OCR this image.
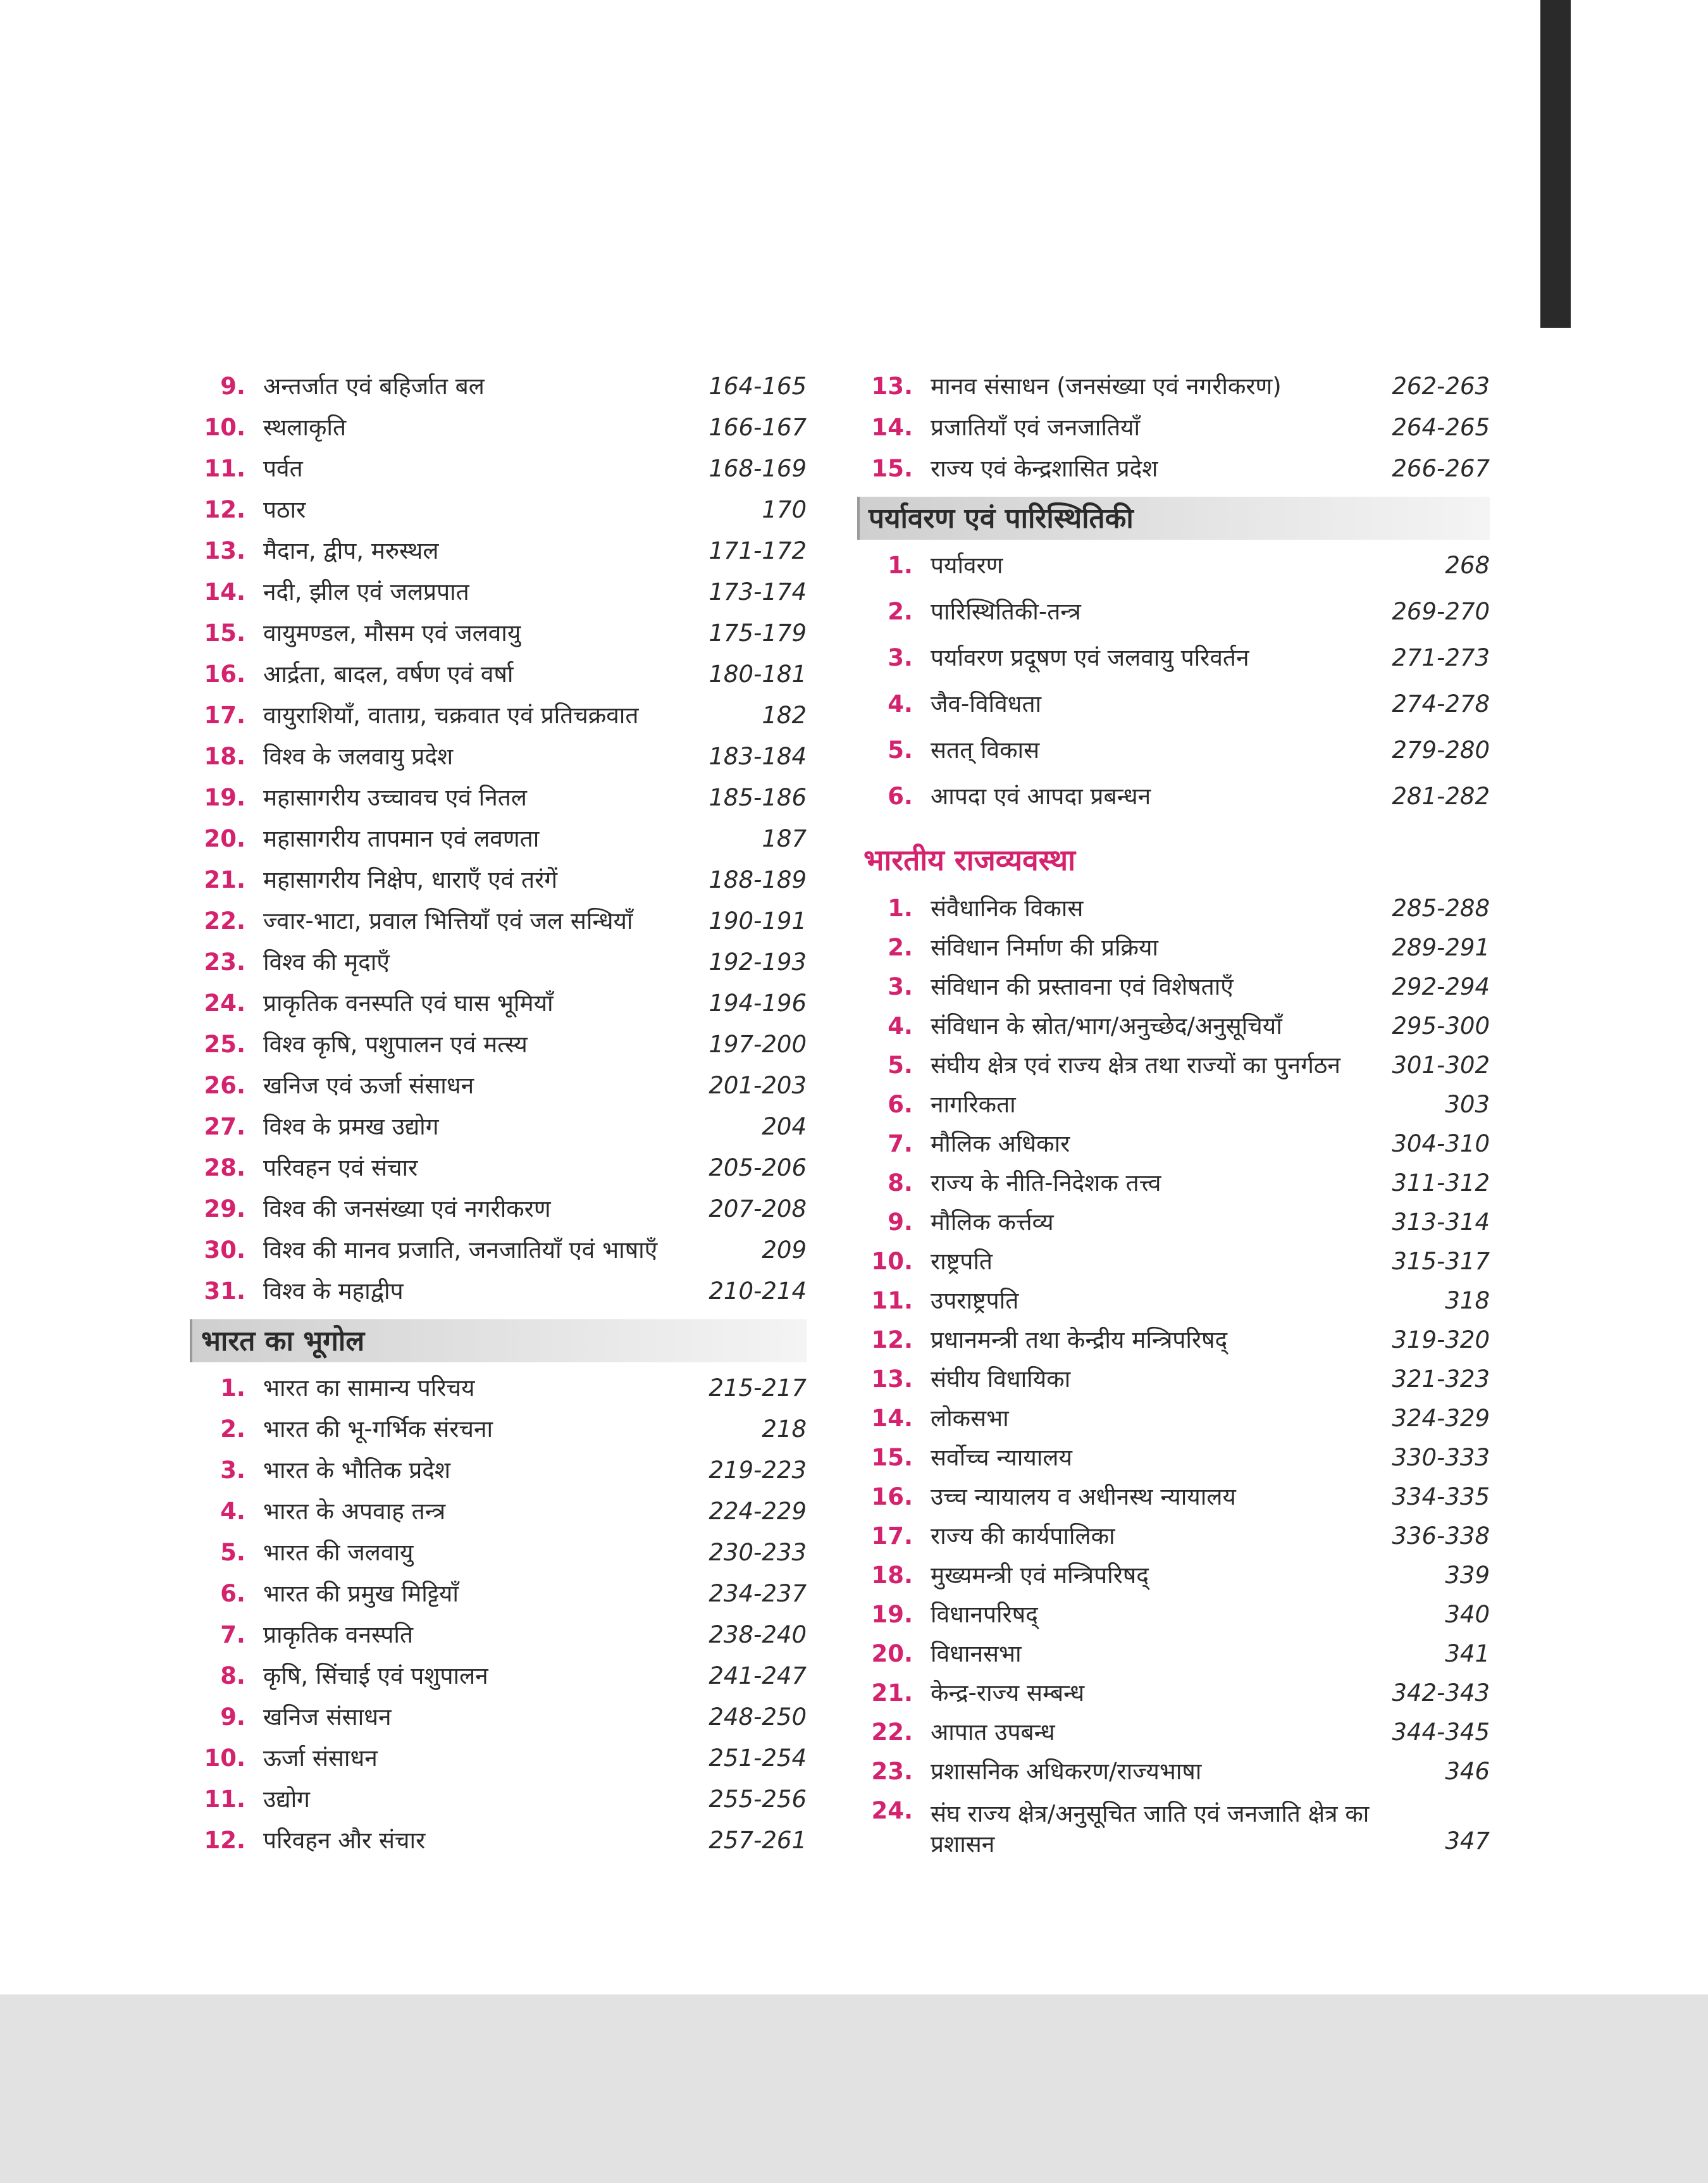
9. अन्तर्जात एवं बहिर्जात बल	164-165
10. स्थलाकृति	166-167
11. पर्वत	168-169
12. पठार	170
13. मैदान, द्वीप, मरुस्थल	171-172
14. नदी, झील एवं जलप्रपात	173-174
15. वायुमण्डल, मौसम एवं जलवायु	175-179
16. आर्द्रता, बादल, वर्षण एवं वर्षा	180-181
17. वायुराशियाँ, वाताग्र, चक्रवात एवं प्रतिचक्रवात	182
18. विश्व के जलवायु प्रदेश	183-184
19. महासागरीय उच्चावच एवं नितल	185-186
20. महासागरीय तापमान एवं लवणता	187
21. महासागरीय निक्षेप, धाराएँ एवं तरंगें	188-189
22. ज्वार-भाटा, प्रवाल भित्तियाँ एवं जल सन्धियाँ	190-191
23. विश्व की मृदाएँ	192-193
24. प्राकृतिक वनस्पति एवं घास भूमियाँ	194-196
25. विश्व कृषि, पशुपालन एवं मत्स्य	197-200
26. खनिज एवं ऊर्जा संसाधन	201-203
27. विश्व के प्रमख उद्योग	204
28. परिवहन एवं संचार	205-206
29. विश्व की जनसंख्या एवं नगरीकरण	207-208
30. विश्व की मानव प्रजाति, जनजातियाँ एवं भाषाएँ	209
31. विश्व के महाद्वीप	210-214
भारत का भूगोल
1. भारत का सामान्य परिचय	215-217
2. भारत की भू-गर्भिक संरचना	218
3. भारत के भौतिक प्रदेश	219-223
4. भारत के अपवाह तन्त्र	224-229
5. भारत की जलवायु	230-233
6. भारत की प्रमुख मिट्टियाँ	234-237
7. प्राकृतिक वनस्पति	238-240
8. कृषि, सिंचाई एवं पशुपालन	241-247
9. खनिज संसाधन	248-250
10. ऊर्जा संसाधन	251-254
11. उद्योग	255-256
12. परिवहन और संचार	257-261
13. मानव संसाधन (जनसंख्या एवं नगरीकरण)	262-263
14. प्रजातियाँ एवं जनजातियाँ	264-265
15. राज्य एवं केन्द्रशासित प्रदेश	266-267
पर्यावरण एवं पारिस्थितिकी
1. पर्यावरण	268
2. पारिस्थितिकी-तन्त्र	269-270
3. पर्यावरण प्रदूषण एवं जलवायु परिवर्तन	271-273
4. जैव-विविधता	274-278
5. सतत् विकास	279-280
6. आपदा एवं आपदा प्रबन्धन	281-282
भारतीय राजव्यवस्था
1. संवैधानिक विकास	285-288
2. संविधान निर्माण की प्रक्रिया	289-291
3. संविधान की प्रस्तावना एवं विशेषताएँ	292-294
4. संविधान के स्रोत/भाग/अनुच्छेद/अनुसूचियाँ	295-300
5. संघीय क्षेत्र एवं राज्य क्षेत्र तथा राज्यों का पुनर्गठन	301-302
6. नागरिकता	303
7. मौलिक अधिकार	304-310
8. राज्य के नीति-निदेशक तत्त्व	311-312
9. मौलिक कर्त्तव्य	313-314
10. राष्ट्रपति	315-317
11. उपराष्ट्रपति	318
12. प्रधानमन्त्री तथा केन्द्रीय मन्त्रिपरिषद्	319-320
13. संघीय विधायिका	321-323
14. लोकसभा	324-329
15. सर्वोच्च न्यायालय	330-333
16. उच्च न्यायालय व अधीनस्थ न्यायालय	334-335
17. राज्य की कार्यपालिका	336-338
18. मुख्यमन्त्री एवं मन्त्रिपरिषद्	339
19. विधानपरिषद्	340
20. विधानसभा	341
21. केन्द्र-राज्य सम्बन्ध	342-343
22. आपात उपबन्ध	344-345
23. प्रशासनिक अधिकरण/राज्यभाषा	346
24. संघ राज्य क्षेत्र/अनुसूचित जाति एवं जनजाति क्षेत्र का प्रशासन	347
